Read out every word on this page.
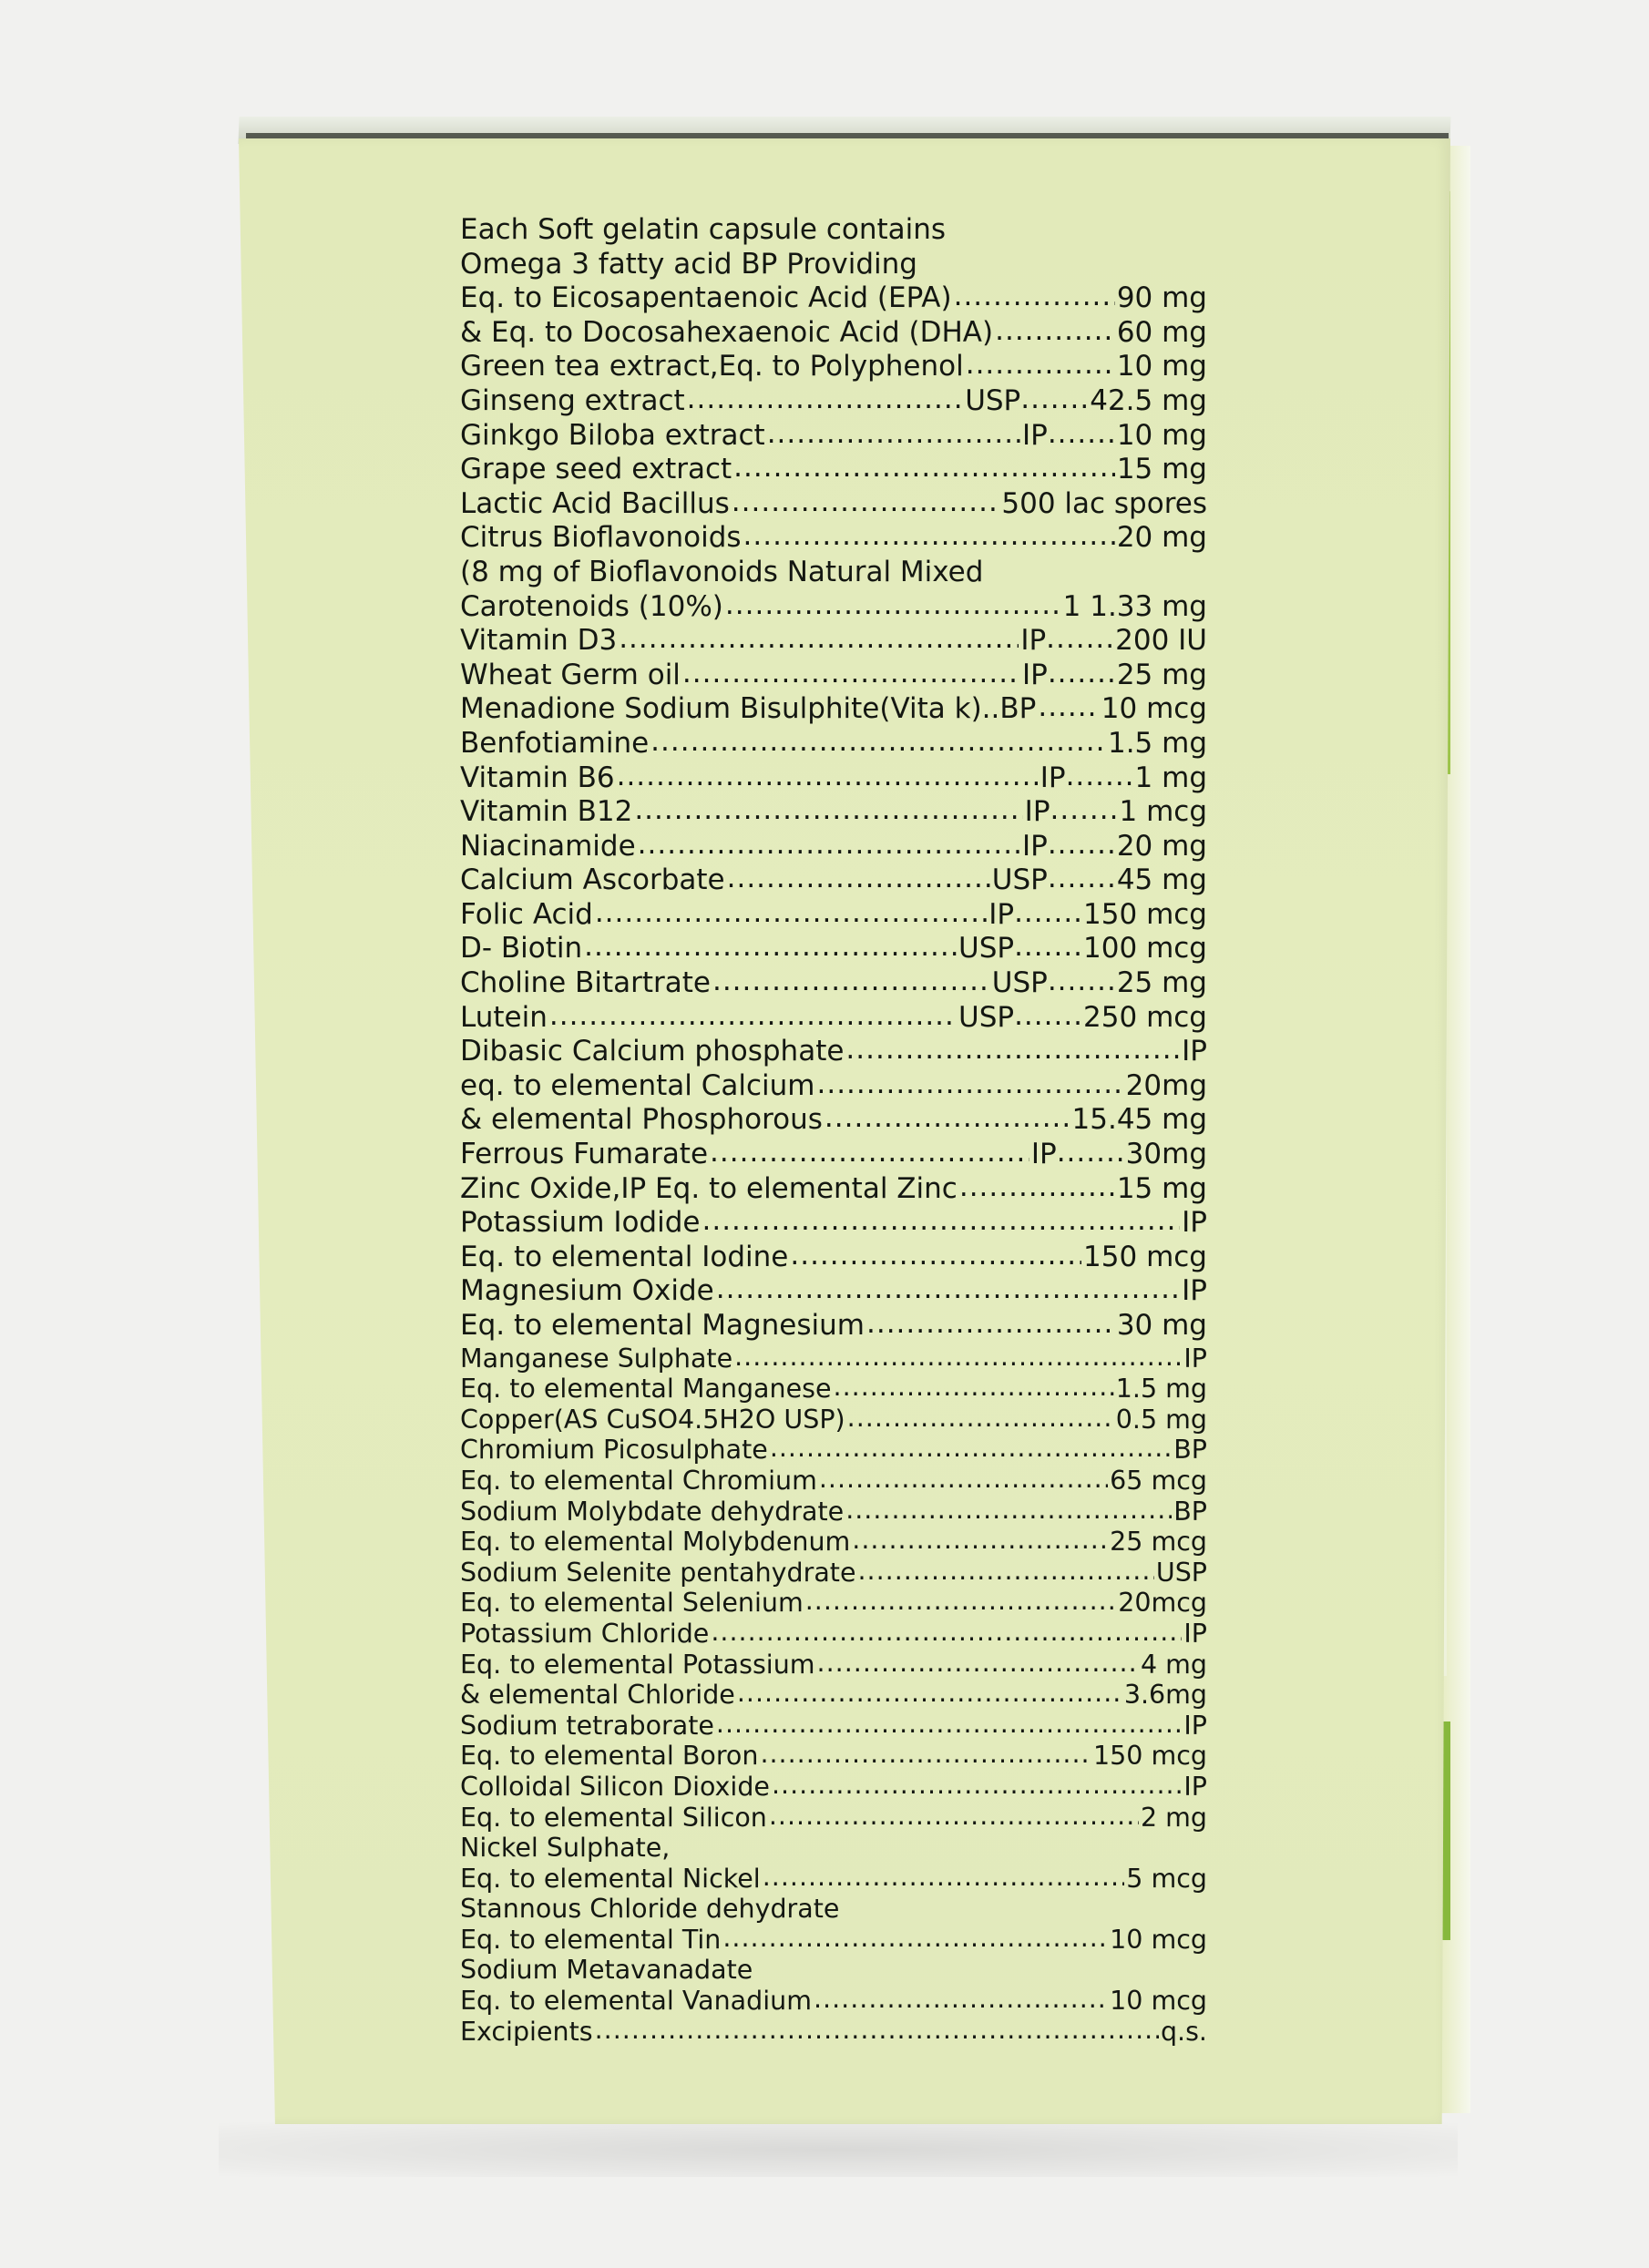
Each Soft gelatin capsule contains
Omega 3 fatty acid BP Providing
Eq. to Eicosapentaenoic Acid (EPA) .....	90 mg
& Eq. to Docosahexaenoic Acid (DHA) .....	60 mg
Green tea extract,Eq. to Polyphenol .....	10 mg
Ginseng extract .....	USP ....... 42.5 mg
Ginkgo Biloba extract .....	IP ....... 10 mg
Grape seed extract .....	15 mg
Lactic Acid Bacillus .....	500 lac spores
Citrus Bioflavonoids .....	20 mg
(8 mg of Bioflavonoids Natural Mixed
Carotenoids (10%) .....	1 1.33 mg
Vitamin D3 .....	IP ....... 200 IU
Wheat Germ oil .....	IP ....... 25 mg
Menadione Sodium Bisulphite(Vita k)..BP ..... 10 mcg
Benfotiamine .....	1.5 mg
Vitamin B6 .....	IP ....... 1 mg
Vitamin B12 .....	IP ....... 1 mcg
Niacinamide .....	IP ....... 20 mg
Calcium Ascorbate .....	USP ....... 45 mg
Folic Acid .....	IP ....... 150 mcg
D- Biotin .....	USP ....... 100 mcg
Choline Bitartrate .....	USP ....... 25 mg
Lutein .....	USP ....... 250 mcg
Dibasic Calcium phosphate .....	IP
eq. to elemental Calcium .....	20mg
& elemental Phosphorous .....	15.45 mg
Ferrous Fumarate .....	IP ....... 30mg
Zinc Oxide,IP Eq. to elemental Zinc .....	15 mg
Potassium Iodide .....	IP
Eq. to elemental Iodine .....	150 mcg
Magnesium Oxide .....	IP
Eq. to elemental Magnesium .....	30 mg
Manganese Sulphate .....	IP
Eq. to elemental Manganese .....	1.5 mg
Copper(AS CuSO4.5H2O USP) .....	0.5 mg
Chromium Picosulphate .....	BP
Eq. to elemental Chromium .....	65 mcg
Sodium Molybdate dehydrate .....	BP
Eq. to elemental Molybdenum .....	25 mcg
Sodium Selenite pentahydrate .....	USP
Eq. to elemental Selenium .....	20mcg
Potassium Chloride .....	IP
Eq. to elemental Potassium .....	4 mg
& elemental Chloride .....	3.6mg
Sodium tetraborate .....	IP
Eq. to elemental Boron .....	150 mcg
Colloidal Silicon Dioxide .....	IP
Eq. to elemental Silicon .....	2 mg
Nickel Sulphate,
Eq. to elemental Nickel .....	5 mcg
Stannous Chloride dehydrate
Eq. to elemental Tin .....	10 mcg
Sodium Metavanadate
Eq. to elemental Vanadium .....	10 mcg
Excipients .....	q.s.
